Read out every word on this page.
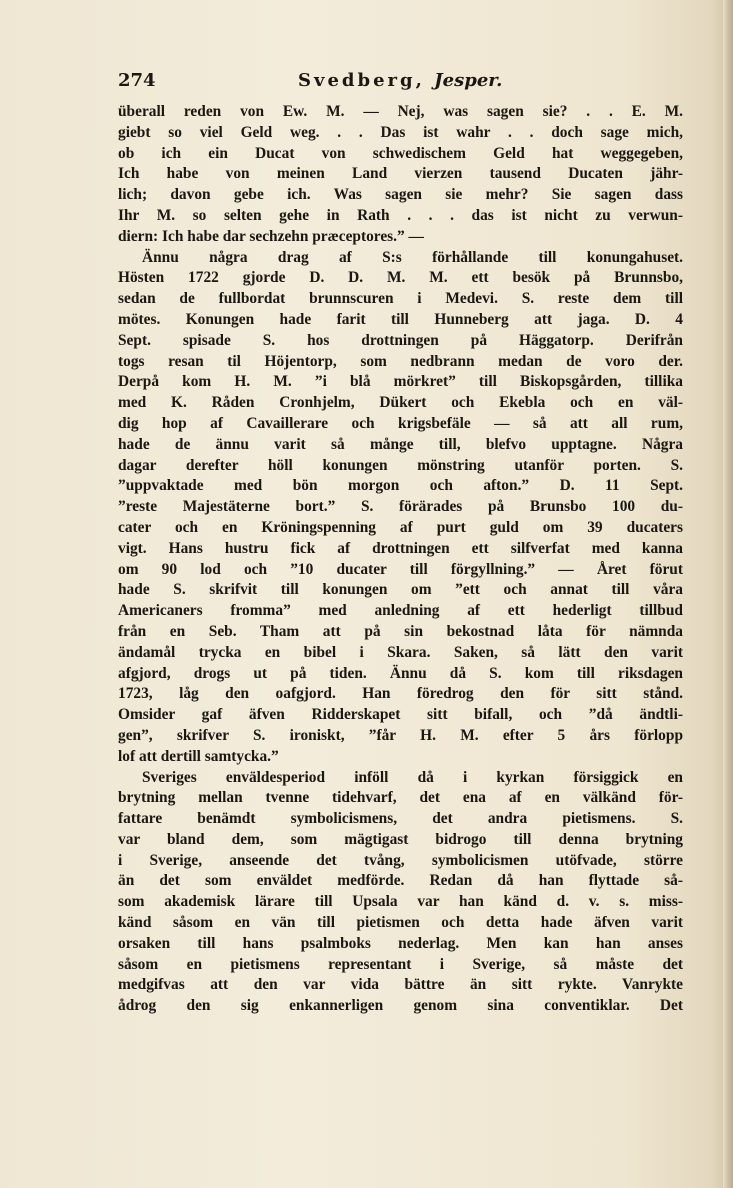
274	Svedberg, Jesper.
überall reden von Ew. M. — Nej, was sagen sie? . . E. M.
giebt so viel Geld weg. . . Das ist wahr . . doch sage mich,
ob ich ein Ducat von schwedischem Geld hat weggegeben,
Ich habe von meinen Land vierzen tausend Ducaten jähr-
lich; davon gebe ich. Was sagen sie mehr? Sie sagen dass
Ihr M. so selten gehe in Rath . . . das ist nicht zu verwun-
diern: Ich habe dar sechzehn præceptores.” —
Ännu några drag af S:s förhållande till konungahuset.
Hösten 1722 gjorde D. D. M. M. ett besök på Brunnsbo,
sedan de fullbordat brunnscuren i Medevi. S. reste dem till
mötes. Konungen hade farit till Hunneberg att jaga. D. 4
Sept. spisade S. hos drottningen på Häggatorp. Derifrån
togs resan til Höjentorp, som nedbrann medan de voro der.
Derpå kom H. M. ”i blå mörkret” till Biskopsgården, tillika
med K. Råden Cronhjelm, Dükert och Ekebla och en väl-
dig hop af Cavaillerare och krigsbefäle — så att all rum,
hade de ännu varit så månge till, blefvo upptagne. Några
dagar derefter höll konungen mönstring utanför porten. S.
”uppvaktade med bön morgon och afton.” D. 11 Sept.
”reste Majestäterne bort.” S. förärades på Brunsbo 100 du-
cater och en Kröningspenning af purt guld om 39 ducaters
vigt. Hans hustru fick af drottningen ett silfverfat med kanna
om 90 lod och ”10 ducater till förgyllning.” — Året förut
hade S. skrifvit till konungen om ”ett och annat till våra
Americaners fromma” med anledning af ett hederligt tillbud
från en Seb. Tham att på sin bekostnad låta för nämnda
ändamål trycka en bibel i Skara. Saken, så lätt den varit
afgjord, drogs ut på tiden. Ännu då S. kom till riksdagen
1723, låg den oafgjord. Han föredrog den för sitt stånd.
Omsider gaf äfven Ridderskapet sitt bifall, och ”då ändtli-
gen”, skrifver S. ironiskt, ”får H. M. efter 5 års förlopp
lof att dertill samtycka.”
Sveriges enväldesperiod inföll då i kyrkan försiggick en
brytning mellan tvenne tidehvarf, det ena af en välkänd för-
fattare benämdt symbolicismens, det andra pietismens. S.
var bland dem, som mägtigast bidrogo till denna brytning
i Sverige, anseende det tvång, symbolicismen utöfvade, större
än det som enväldet medförde. Redan då han flyttade så-
som akademisk lärare till Upsala var han känd d. v. s. miss-
känd såsom en vän till pietismen och detta hade äfven varit
orsaken till hans psalmboks nederlag. Men kan han anses
såsom en pietismens representant i Sverige, så måste det
medgifvas att den var vida bättre än sitt rykte. Vanrykte
ådrog den sig enkannerligen genom sina conventiklar. Det
